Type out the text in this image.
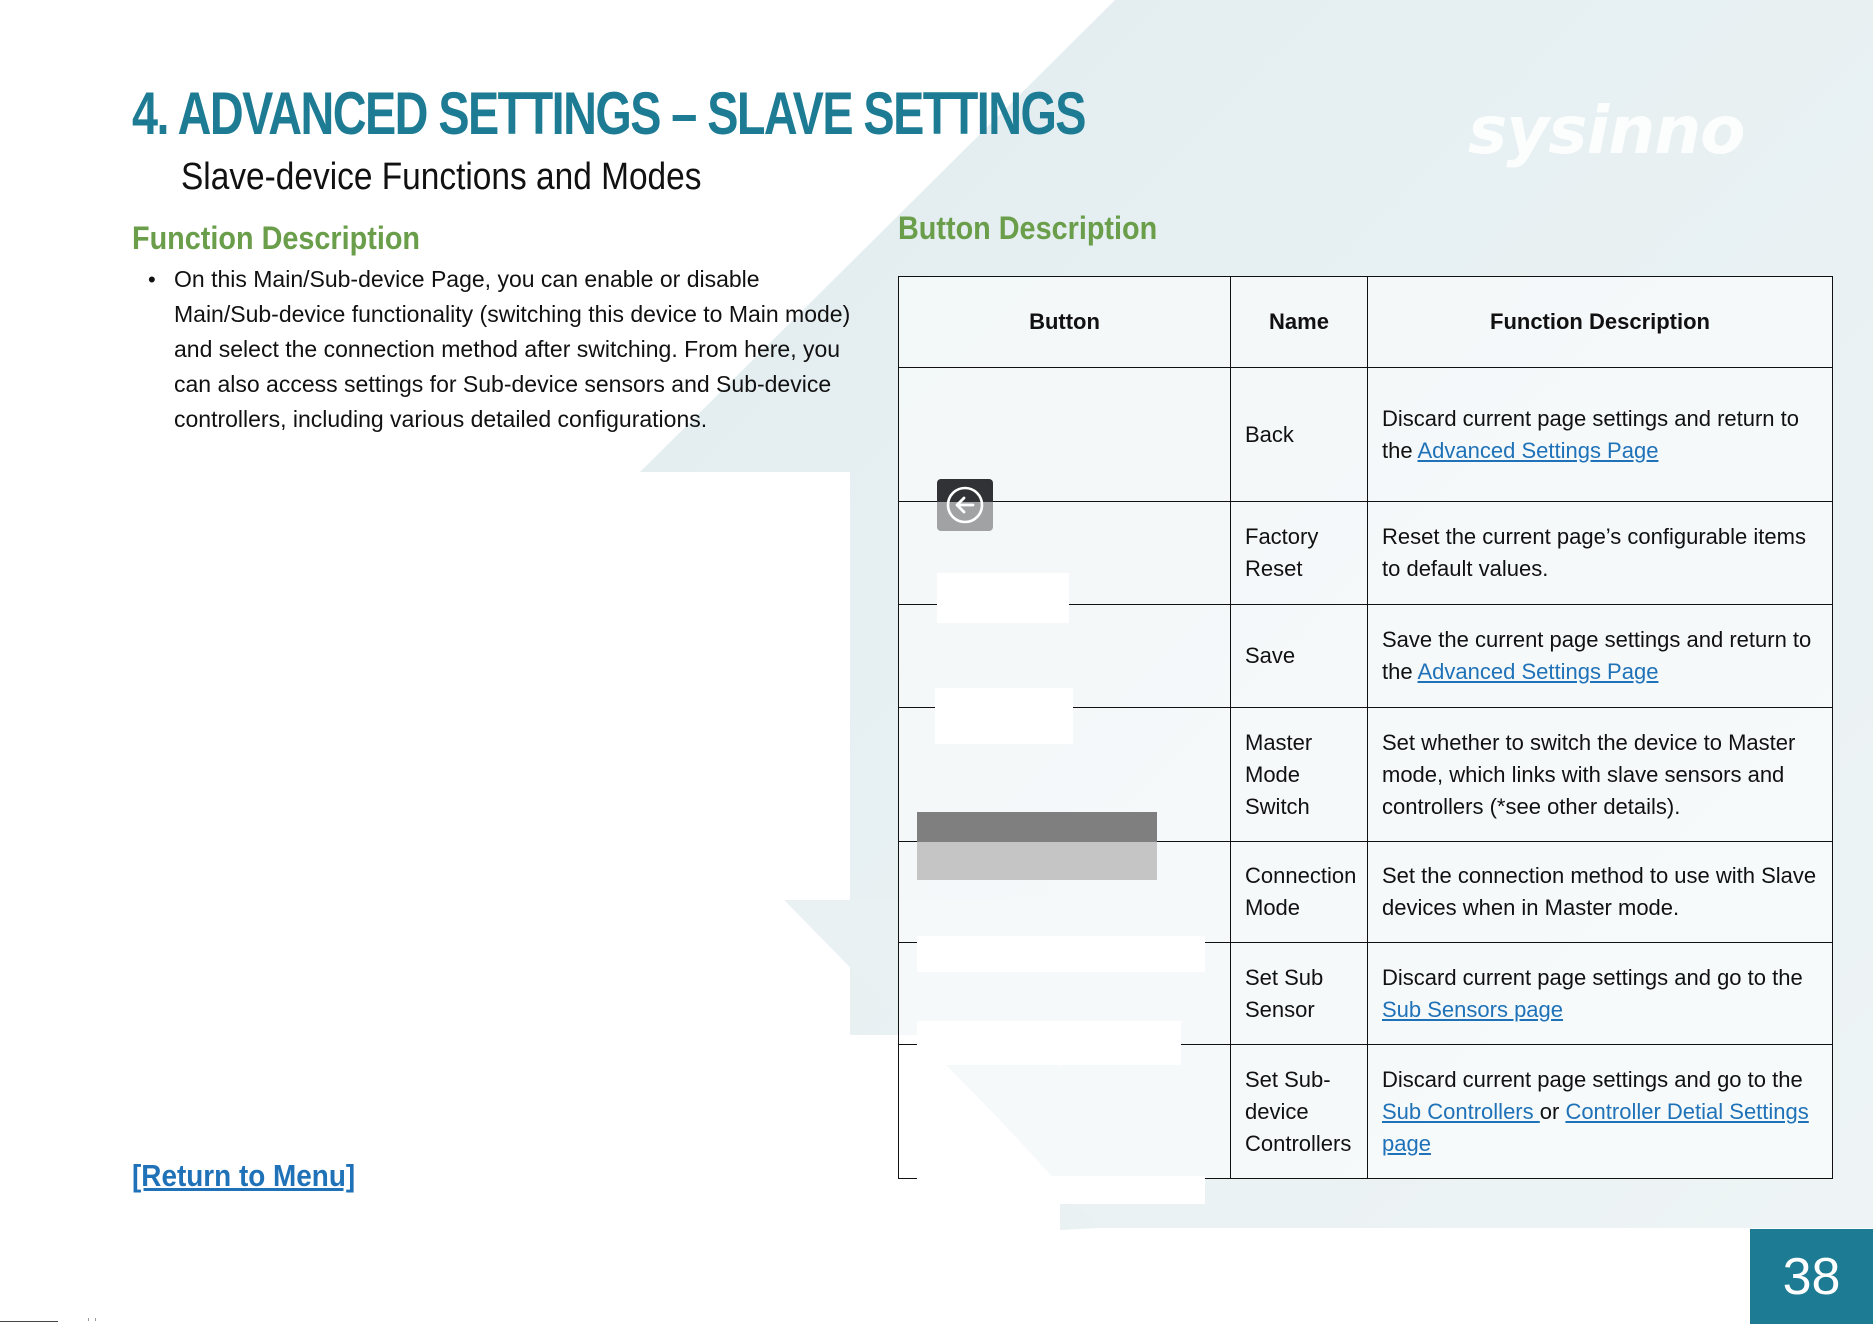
sysinno
4. ADVANCED SETTINGS – SLAVE SETTINGS
Slave-device Functions and Modes
Function Description
• On this Main/Sub-device Page, you can enable or disable Main/Sub-device functionality (switching this device to Main mode) and select the connection method after switching. From here, you can also access settings for Sub-device sensors and Sub-device controllers, including various detailed configurations.
Button Description
Button	Name	Function Description

	Back	Discard current page settings and return to the Advanced Settings Page

	Factory Reset	Reset the current page’s configurable items to default values.

	Save	Save the current page settings and return to the Advanced Settings Page

	Master Mode Switch	Set whether to switch the device to Master mode, which links with slave sensors and controllers (*see other details).

	Connection Mode	Set the connection method to use with Slave devices when in Master mode.

	Set Sub Sensor	Discard current page settings and go to the Sub Sensors page

	Set Sub-device Controllers	Discard current page settings and go to the Sub Controllers or Controller Detial Settings page
[Return to Menu]
38
